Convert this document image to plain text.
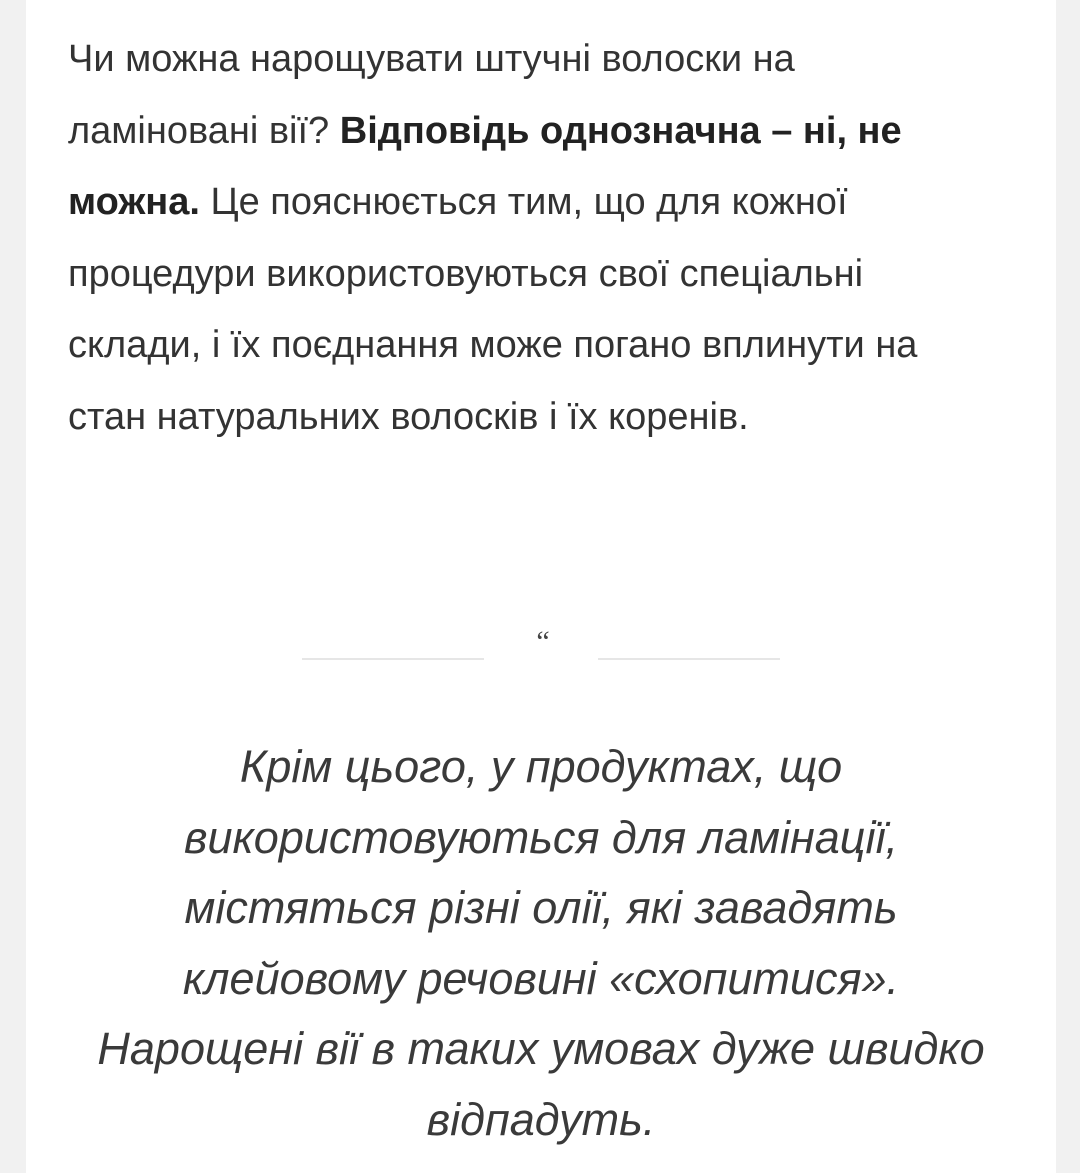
Чи можна нарощувати штучні волоски на ламіновані вії? Відповідь однозначна – ні, не можна. Це пояснюється тим, що для кожної процедури використовуються свої спеціальні склади, і їх поєднання може погано вплинути на стан натуральних волосків і їх коренів.

“
Крім цього, у продуктах, що використовуються для ламінації, містяться різні олії, які завадять клейовому речовині «схопитися». Нарощені вії в таких умовах дуже швидко відпадуть.
